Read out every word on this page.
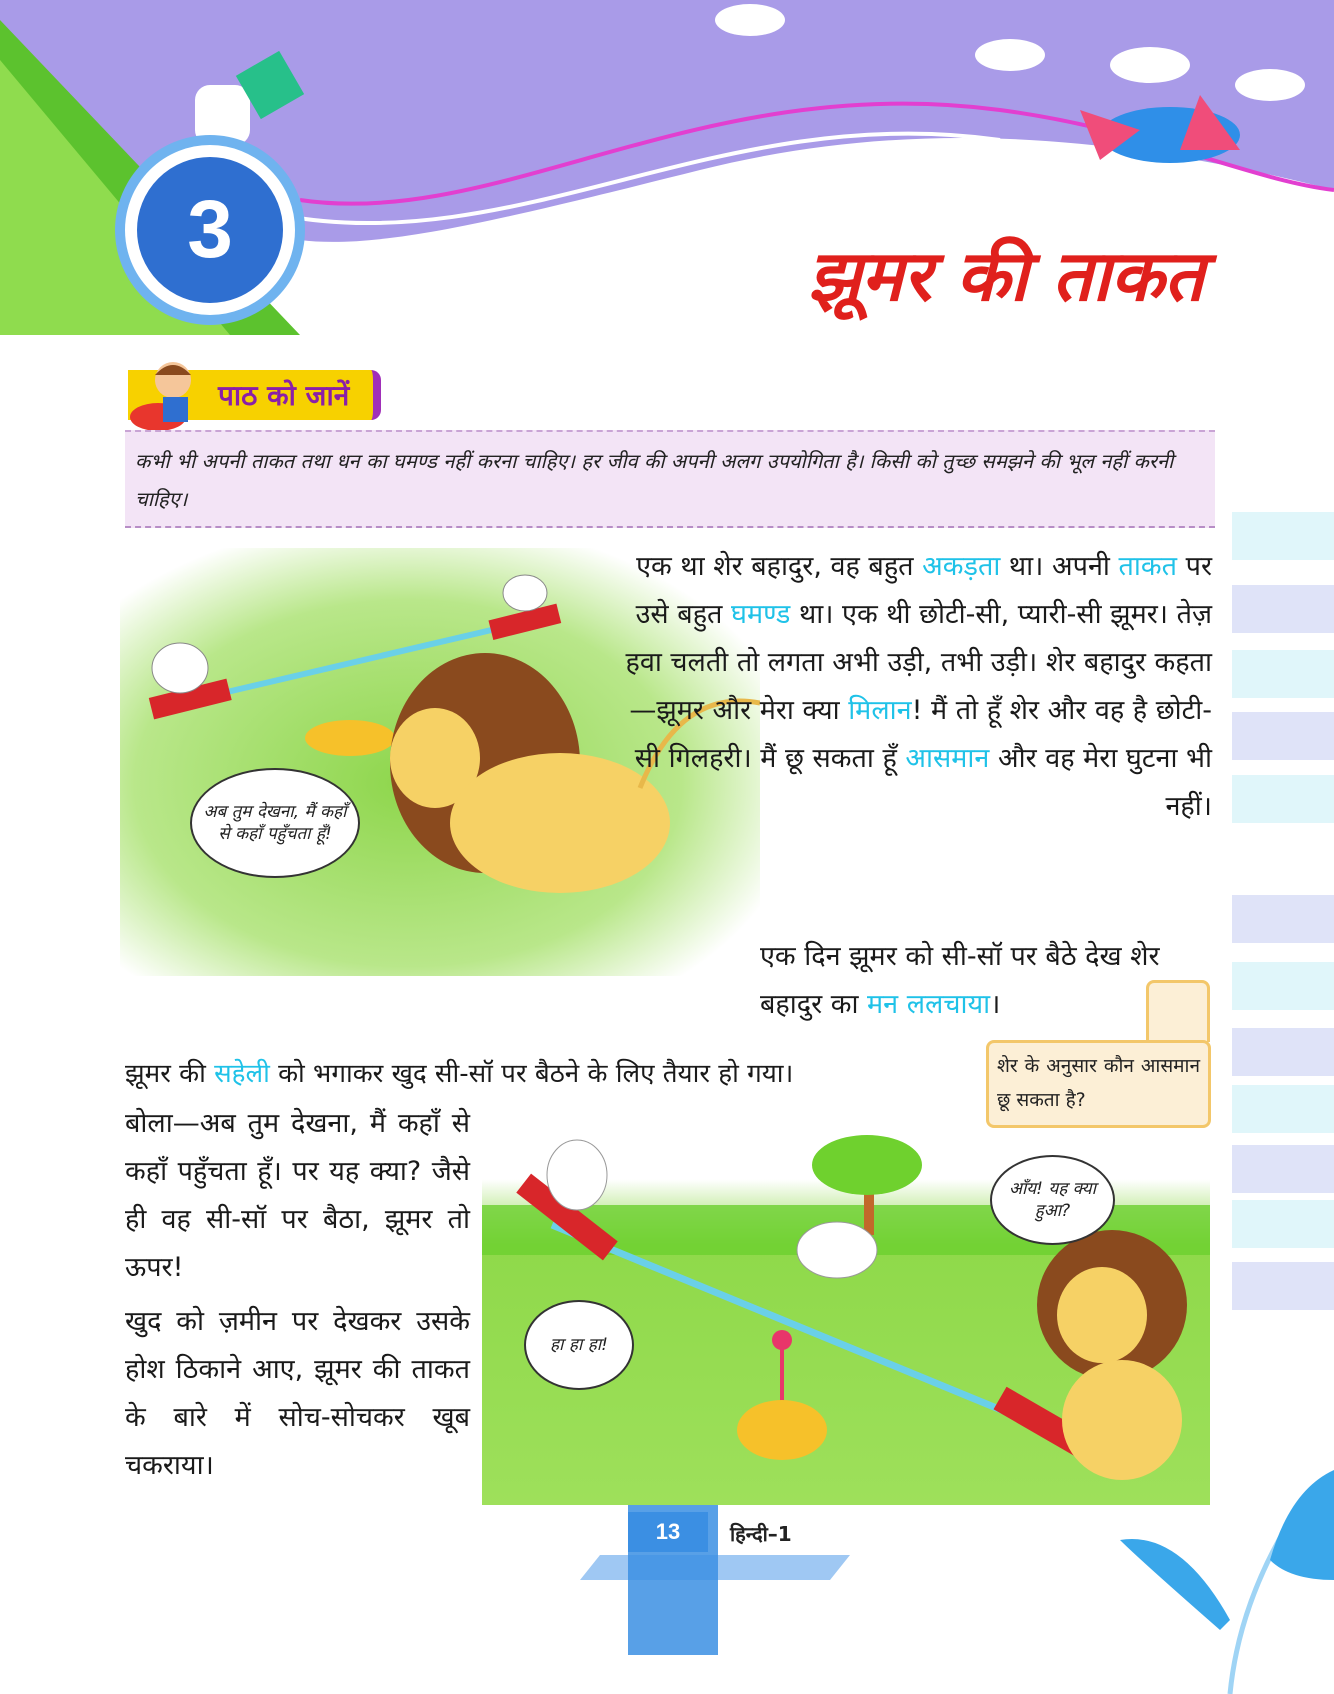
3
झूमर की ताकत
पाठ को जानें
कभी भी अपनी ताकत तथा धन का घमण्ड नहीं करना चाहिए। हर जीव की अपनी अलग उपयोगिता है। किसी को तुच्छ समझने की भूल नहीं करनी चाहिए।
अब तुम देखना, मैं कहाँ से कहाँ पहुँचता हूँ!
एक था शेर बहादुर, वह बहुत अकड़ता था। अपनी ताकत पर उसे बहुत घमण्ड था। एक थी छोटी-सी, प्यारी-सी झूमर। तेज़ हवा चलती तो लगता अभी उड़ी, तभी उड़ी। शेर बहादुर कहता—झूमर और मेरा क्या मिलान! मैं तो हूँ शेर और वह है छोटी-सी गिलहरी। मैं छू सकता हूँ आसमान और वह मेरा घुटना भी नहीं।
एक दिन झूमर को सी-सॉ पर बैठे देख शेर बहादुर का मन ललचाया।
शेर के अनुसार कौन आसमान छू सकता है?
झूमर की सहेली को भगाकर खुद सी-सॉ पर बैठने के लिए तैयार हो गया।
बोला—अब तुम देखना, मैं कहाँ से कहाँ पहुँचता हूँ। पर यह क्या? जैसे ही वह सी-सॉ पर बैठा, झूमर तो ऊपर!
खुद को ज़मीन पर देखकर उसके होश ठिकाने आए, झूमर की ताकत के बारे में सोच-सोचकर खूब चकराया।
हा हा हा!
आँय! यह क्या हुआ?
13	हिन्दी–1
